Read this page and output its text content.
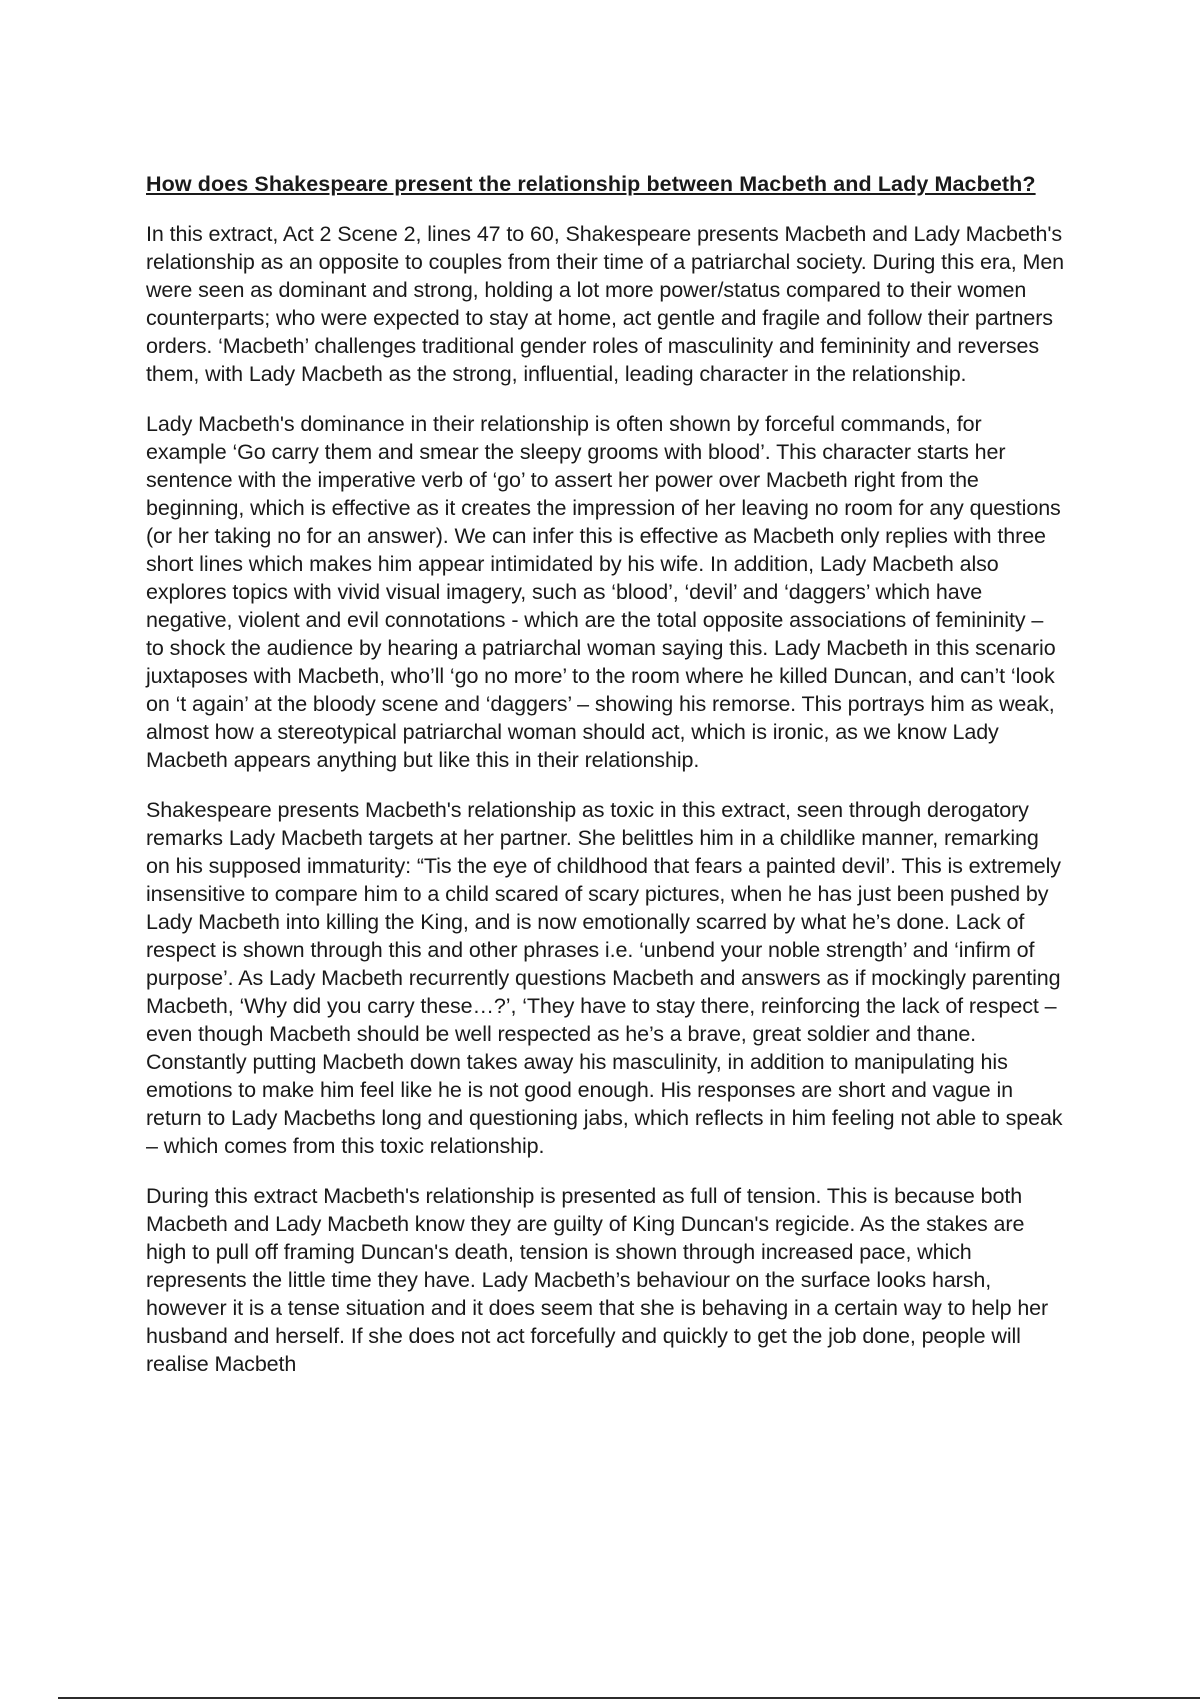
How does Shakespeare present the relationship between Macbeth and Lady Macbeth?

In this extract, Act 2 Scene 2, lines 47 to 60, Shakespeare presents Macbeth and Lady Macbeth's relationship as an opposite to couples from their time of a patriarchal society. During this era, Men were seen as dominant and strong, holding a lot more power/status compared to their women counterparts; who were expected to stay at home, act gentle and fragile and follow their partners orders. ‘Macbeth’ challenges traditional gender roles of masculinity and femininity and reverses them, with Lady Macbeth as the strong, influential, leading character in the relationship.

Lady Macbeth's dominance in their relationship is often shown by forceful commands, for example ‘Go carry them and smear the sleepy grooms with blood’. This character starts her sentence with the imperative verb of ‘go’ to assert her power over Macbeth right from the beginning, which is effective as it creates the impression of her leaving no room for any questions (or her taking no for an answer). We can infer this is effective as Macbeth only replies with three short lines which makes him appear intimidated by his wife. In addition, Lady Macbeth also explores topics with vivid visual imagery, such as ‘blood’, ‘devil’ and ‘daggers’ which have negative, violent and evil connotations - which are the total opposite associations of femininity – to shock the audience by hearing a patriarchal woman saying this. Lady Macbeth in this scenario juxtaposes with Macbeth, who’ll ‘go no more’ to the room where he killed Duncan, and can’t ‘look on ‘t again’ at the bloody scene and ‘daggers’ – showing his remorse. This portrays him as weak, almost how a stereotypical patriarchal woman should act, which is ironic, as we know Lady Macbeth appears anything but like this in their relationship.

Shakespeare presents Macbeth's relationship as toxic in this extract, seen through derogatory remarks Lady Macbeth targets at her partner. She belittles him in a childlike manner, remarking on his supposed immaturity: “Tis the eye of childhood that fears a painted devil’. This is extremely insensitive to compare him to a child scared of scary pictures, when he has just been pushed by Lady Macbeth into killing the King, and is now emotionally scarred by what he’s done. Lack of respect is shown through this and other phrases i.e. ‘unbend your noble strength’ and ‘infirm of purpose’. As Lady Macbeth recurrently questions Macbeth and answers as if mockingly parenting Macbeth, ‘Why did you carry these…?’, ‘They have to stay there, reinforcing the lack of respect – even though Macbeth should be well respected as he’s a brave, great soldier and thane. Constantly putting Macbeth down takes away his masculinity, in addition to manipulating his emotions to make him feel like he is not good enough. His responses are short and vague in return to Lady Macbeths long and questioning jabs, which reflects in him feeling not able to speak – which comes from this toxic relationship.

During this extract Macbeth's relationship is presented as full of tension. This is because both Macbeth and Lady Macbeth know they are guilty of King Duncan's regicide. As the stakes are high to pull off framing Duncan's death, tension is shown through increased pace, which represents the little time they have. Lady Macbeth’s behaviour on the surface looks harsh, however it is a tense situation and it does seem that she is behaving in a certain way to help her husband and herself. If she does not act forcefully and quickly to get the job done, people will realise Macbeth
